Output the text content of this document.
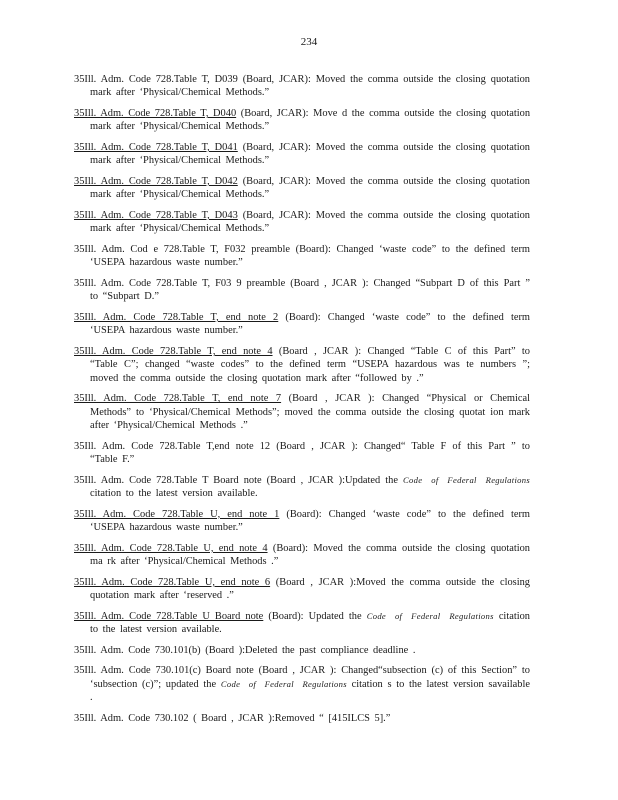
234

35Ill. Adm. Code 728.Table T, D039 (Board, JCAR): Moved the comma outside the closing quotation mark after ‘Physical/Chemical Methods.”

35Ill. Adm. Code 728.Table T, D040 (Board, JCAR): Move d the comma outside the closing quotation mark after ‘Physical/Chemical Methods.”

35Ill. Adm. Code 728.Table T, D041 (Board, JCAR): Moved the comma outside the closing quotation mark after ‘Physical/Chemical Methods.”

35Ill. Adm. Code 728.Table T, D042 (Board, JCAR): Moved the comma outside the closing quotation mark after ‘Physical/Chemical Methods.”

35Ill. Adm. Code 728.Table T, D043 (Board, JCAR): Moved the comma outside the closing quotation mark after ‘Physical/Chemical Methods.”

35Ill. Adm. Cod e 728.Table T, F032 preamble (Board): Changed ‘waste code” to the defined term ‘USEPA hazardous waste number.”

35Ill. Adm. Code 728.Table T, F03 9 preamble (Board , JCAR ): Changed “Subpart D of this Part ” to “Subpart D.”

35Ill. Adm. Code 728.Table T, end note 2 (Board): Changed ‘waste code” to the defined term ‘USEPA hazardous waste number.”

35Ill. Adm. Code 728.Table T, end note 4 (Board , JCAR ): Changed “Table C of this Part” to “Table C”; changed “waste codes” to the defined term “USEPA hazardous was te numbers ”; moved the comma outside the closing quotation mark after “followed by .”

35Ill. Adm. Code 728.Table T, end note 7 (Board , JCAR ): Changed “Physical or Chemical Methods” to ‘Physical/Chemical Methods”; moved the comma outside the closing quotat ion mark after ‘Physical/Chemical Methods .”

35Ill. Adm. Code 728.Table T,end note 12 (Board , JCAR ): Changed“ Table F of this Part ” to “Table F.”

35Ill. Adm. Code 728.Table T Board note (Board , JCAR ):Updated the Code of Federal Regulations citation to the latest version available.

35Ill. Adm. Code 728.Table U, end note 1 (Board): Changed ‘waste code” to the defined term ‘USEPA hazardous waste number.”

35Ill. Adm. Code 728.Table U, end note 4 (Board): Moved the comma outside the closing quotation ma rk after ‘Physical/Chemical Methods .”

35Ill. Adm. Code 728.Table U, end note 6 (Board , JCAR ):Moved the comma outside the closing quotation mark after ‘reserved .”

35Ill. Adm. Code 728.Table U Board note (Board): Updated the Code of Federal Regulations citation to the latest version available.

35Ill. Adm. Code 730.101(b) (Board ):Deleted the past compliance deadline .

35Ill. Adm. Code 730.101(c) Board note (Board , JCAR ): Changed“subsection (c) of this Section” to ‘subsection (c)”; updated the Code of Federal Regulations citation s to the latest version savailable .

35Ill. Adm. Code 730.102 ( Board , JCAR ):Removed “ [415ILCS 5].”
